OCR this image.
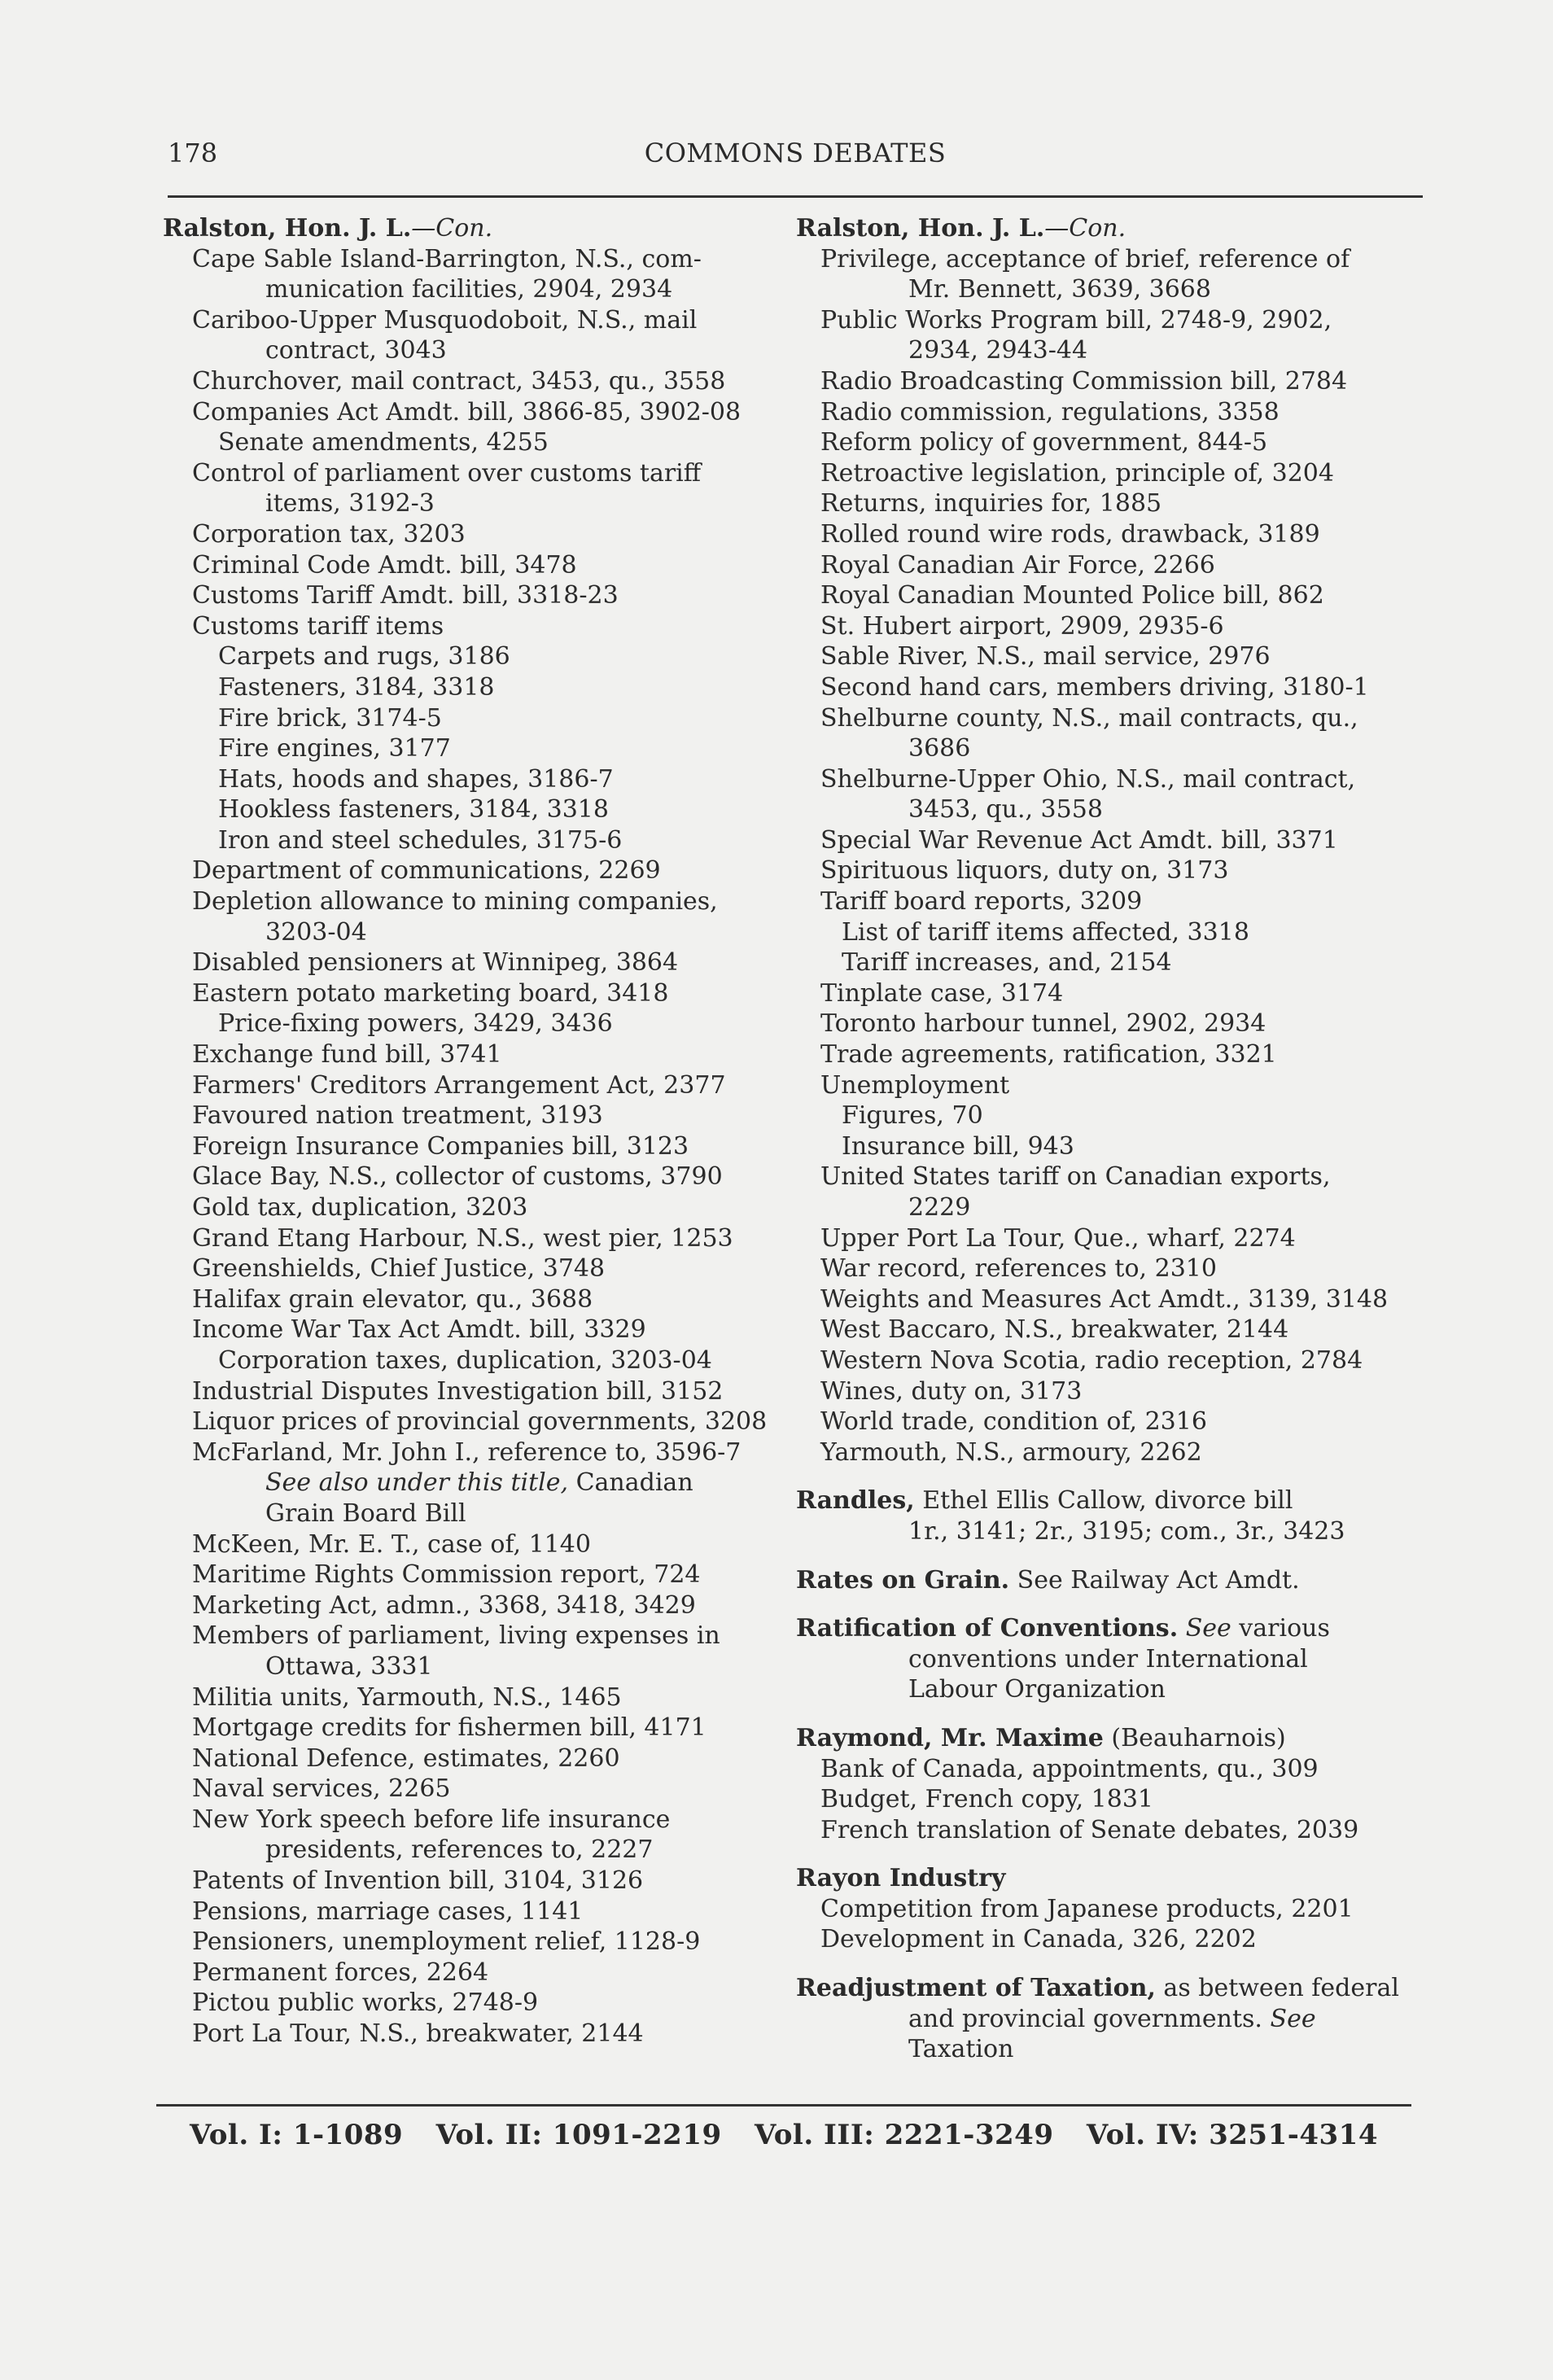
178	COMMONS DEBATES
Ralston, Hon. J. L.—Con.
Cape Sable Island-Barrington, N.S., com-
munication facilities, 2904, 2934
Cariboo-Upper Musquodoboit, N.S., mail
contract, 3043
Churchover, mail contract, 3453, qu., 3558
Companies Act Amdt. bill, 3866-85, 3902-08
Senate amendments, 4255
Control of parliament over customs tariff
items, 3192-3
Corporation tax, 3203
Criminal Code Amdt. bill, 3478
Customs Tariff Amdt. bill, 3318-23
Customs tariff items
Carpets and rugs, 3186
Fasteners, 3184, 3318
Fire brick, 3174-5
Fire engines, 3177
Hats, hoods and shapes, 3186-7
Hookless fasteners, 3184, 3318
Iron and steel schedules, 3175-6
Department of communications, 2269
Depletion allowance to mining companies,
3203-04
Disabled pensioners at Winnipeg, 3864
Eastern potato marketing board, 3418
Price-fixing powers, 3429, 3436
Exchange fund bill, 3741
Farmers' Creditors Arrangement Act, 2377
Favoured nation treatment, 3193
Foreign Insurance Companies bill, 3123
Glace Bay, N.S., collector of customs, 3790
Gold tax, duplication, 3203
Grand Etang Harbour, N.S., west pier, 1253
Greenshields, Chief Justice, 3748
Halifax grain elevator, qu., 3688
Income War Tax Act Amdt. bill, 3329
Corporation taxes, duplication, 3203-04
Industrial Disputes Investigation bill, 3152
Liquor prices of provincial governments, 3208
McFarland, Mr. John I., reference to, 3596-7
See also under this title, Canadian
Grain Board Bill
McKeen, Mr. E. T., case of, 1140
Maritime Rights Commission report, 724
Marketing Act, admn., 3368, 3418, 3429
Members of parliament, living expenses in
Ottawa, 3331
Militia units, Yarmouth, N.S., 1465
Mortgage credits for fishermen bill, 4171
National Defence, estimates, 2260
Naval services, 2265
New York speech before life insurance
presidents, references to, 2227
Patents of Invention bill, 3104, 3126
Pensions, marriage cases, 1141
Pensioners, unemployment relief, 1128-9
Permanent forces, 2264
Pictou public works, 2748-9
Port La Tour, N.S., breakwater, 2144
Ralston, Hon. J. L.—Con.
Privilege, acceptance of brief, reference of
Mr. Bennett, 3639, 3668
Public Works Program bill, 2748-9, 2902,
2934, 2943-44
Radio Broadcasting Commission bill, 2784
Radio commission, regulations, 3358
Reform policy of government, 844-5
Retroactive legislation, principle of, 3204
Returns, inquiries for, 1885
Rolled round wire rods, drawback, 3189
Royal Canadian Air Force, 2266
Royal Canadian Mounted Police bill, 862
St. Hubert airport, 2909, 2935-6
Sable River, N.S., mail service, 2976
Second hand cars, members driving, 3180-1
Shelburne county, N.S., mail contracts, qu.,
3686
Shelburne-Upper Ohio, N.S., mail contract,
3453, qu., 3558
Special War Revenue Act Amdt. bill, 3371
Spirituous liquors, duty on, 3173
Tariff board reports, 3209
List of tariff items affected, 3318
Tariff increases, and, 2154
Tinplate case, 3174
Toronto harbour tunnel, 2902, 2934
Trade agreements, ratification, 3321
Unemployment
Figures, 70
Insurance bill, 943
United States tariff on Canadian exports,
2229
Upper Port La Tour, Que., wharf, 2274
War record, references to, 2310
Weights and Measures Act Amdt., 3139, 3148
West Baccaro, N.S., breakwater, 2144
Western Nova Scotia, radio reception, 2784
Wines, duty on, 3173
World trade, condition of, 2316
Yarmouth, N.S., armoury, 2262
Randles, Ethel Ellis Callow, divorce bill
1r., 3141; 2r., 3195; com., 3r., 3423
Rates on Grain. See Railway Act Amdt.
Ratification of Conventions. See various
conventions under International
Labour Organization
Raymond, Mr. Maxime (Beauharnois)
Bank of Canada, appointments, qu., 309
Budget, French copy, 1831
French translation of Senate debates, 2039
Rayon Industry
Competition from Japanese products, 2201
Development in Canada, 326, 2202
Readjustment of Taxation, as between federal
and provincial governments. See
Taxation
Vol. I: 1-1089 Vol. II: 1091-2219 Vol. III: 2221-3249 Vol. IV: 3251-4314
